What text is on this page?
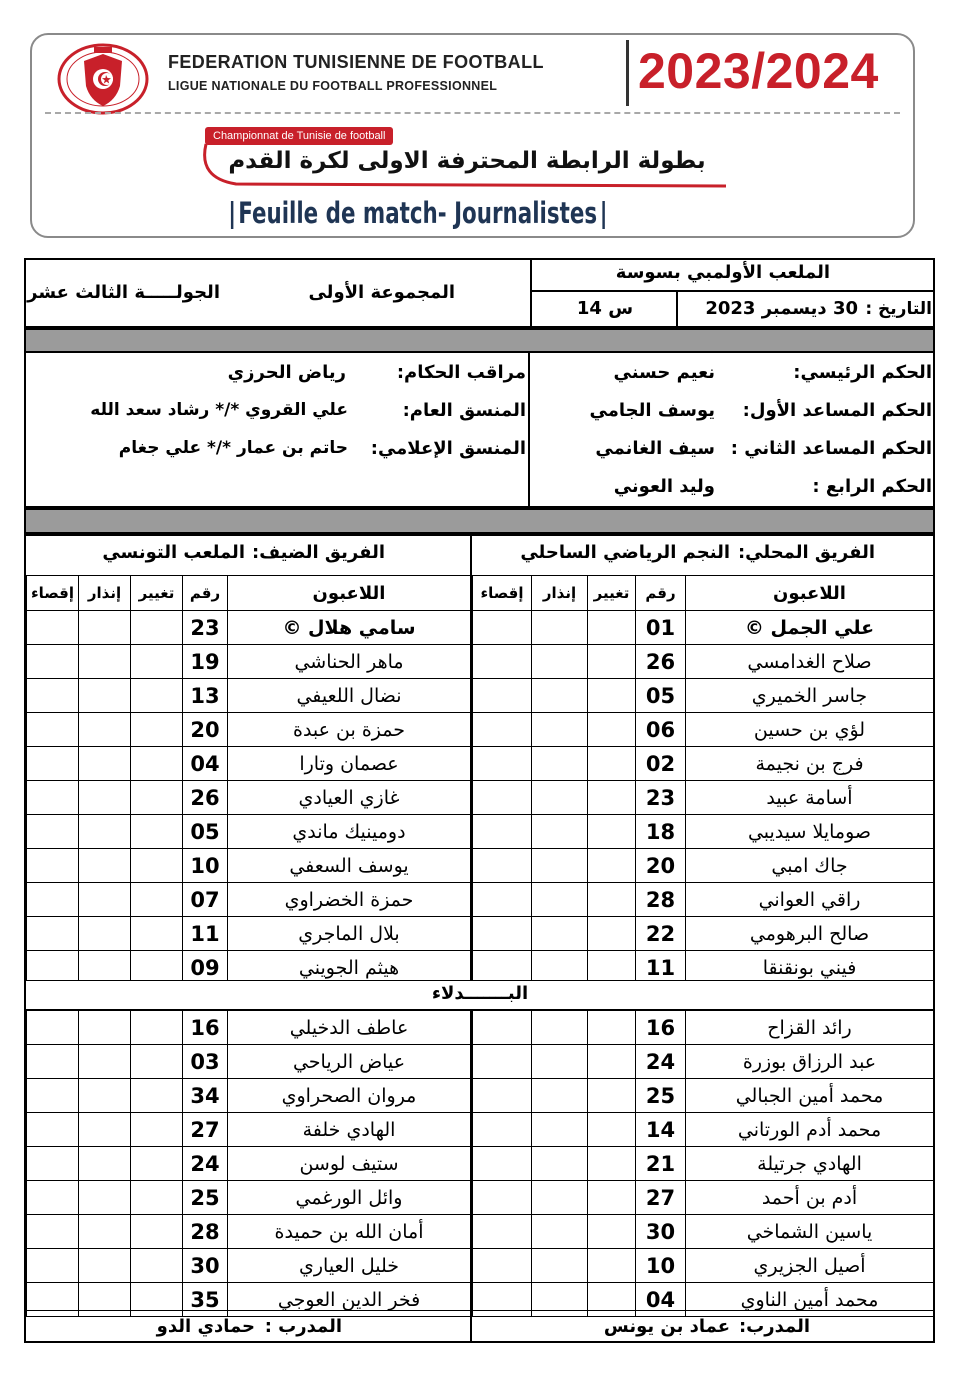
FEDERATION TUNISIENNE DE FOOTBALL
LIGUE NATIONALE DU FOOTBALL PROFESSIONNEL	2023/2024
Championnat de Tunisie de football
بطولة الرابطة المحترفة الاولى لكرة القدم
Feuille de match- Journalistes
الملعب الأولمبي بسوسة
التاريخ :
30 ديسمبر 2023
س 14
المجموعة الأولى
الجولـــــة الثالث عشر
الحكم الرئيسي:
نعيم حسني
الحكم المساعد الأول:
يوسف الجامي
الحكم المساعد الثاني :
سيف الغانمي
الحكم الرابع :
وليد العوني
مراقب الحكام:
رياض الحرزي
المنسق العام:
علي القروي */* رشاد سعد الله
المنسق الإعلامي:
حاتم بن عمار */* علي جغام
الفريق المحلي:
النجم الرياضي الساحلي
الفريق الضيف:
الملعب التونسي
إقصاء	إنذار	تغيير	رقم	اللاعبون
			01	علي الجمل ©
			26	صلاح الغدامسي
			05	جاسر الخميري
			06	لؤي بن حسين
			02	فرج بن نجيمة
			23	أسامة عبيد
			18	صومايلا سيديبي
			20	جاك امبي
			28	راقي العواني
			22	صالح البرهومي
			11	فيني بونقنقا
إقصاء	إنذار	تغيير	رقم	اللاعبون
			23	سامي هلال ©
			19	ماهر الحناشي
			13	نضال اللعيفي
			20	حمزة بن عبدة
			04	عصمان وتارا
			26	غازي العيادي
			05	دومينيك ماندي
			10	يوسف السعفي
			07	حمزة الخضراوي
			11	بلال الماجري
			09	هيثم الجويني
البـــــــدلاء
			16	رائد القزاح
			24	عبد الرزاق بوزرة
			25	محمد أمين الجبالي
			14	محمد أدم الورتاني
			21	الهادي جرتيلة
			27	أدم بن أحمد
			30	ياسين الشماخي
			10	أصيل الجزيري
			04	محمد أمين الناوي
			16	عاطف الدخيلي
			03	عياض الرياحي
			34	مروان الصحراوي
			27	الهادي خلفة
			24	ستيف لوسن
			25	وائل الورغمي
			28	أمان الله بن حميدة
			30	خليل العياري
			35	فخر الدين العوجي
المدرب:
عماد بن يونس
المدرب :
حمادي الدو
